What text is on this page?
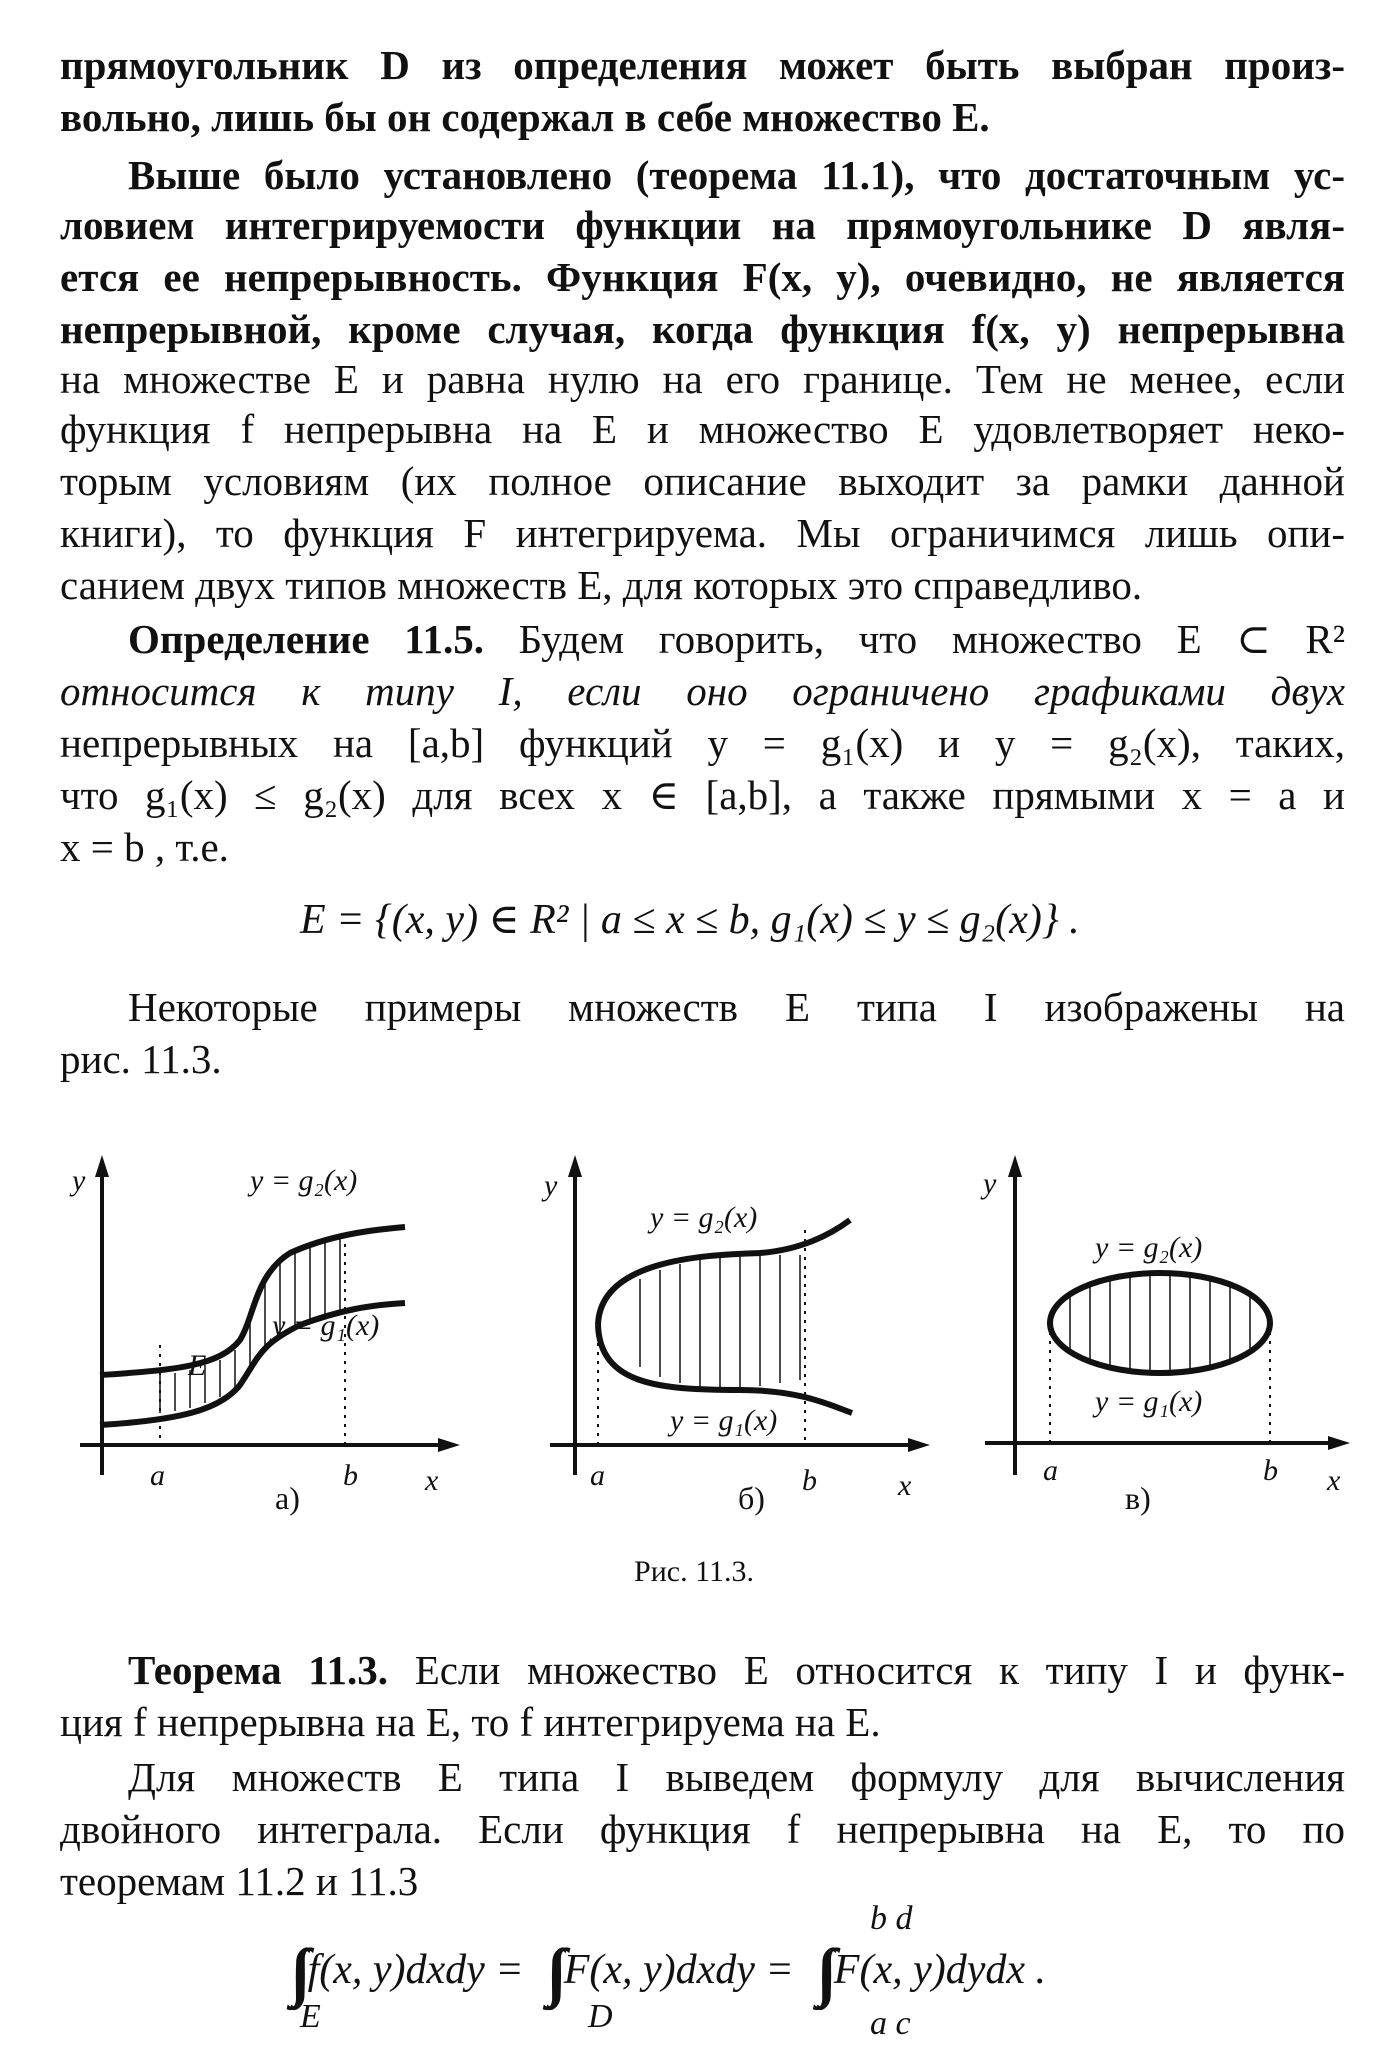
прямоугольник D из определения может быть выбран произ-
вольно, лишь бы он содержал в себе множество E.
Выше было установлено (теорема 11.1), что достаточным ус-
ловием интегрируемости функции на прямоугольнике D явля-
ется ее непрерывность. Функция F(x, y), очевидно, не является
непрерывной, кроме случая, когда функция f(x, y) непрерывна
на множестве E и равна нулю на его границе. Тем не менее, если
функция f непрерывна на E и множество E удовлетворяет неко-
торым условиям (их полное описание выходит за рамки данной
книги), то функция F интегрируема. Мы ограничимся лишь опи-
санием двух типов множеств E, для которых это справедливо.
Определение 11.5. Будем говорить, что множество E ⊂ R²
относится к типу I, если оно ограничено графиками двух
непрерывных на [a,b] функций y = g₁(x) и y = g₂(x), таких,
что g₁(x) ≤ g₂(x) для всех x ∈ [a,b], а также прямыми x = a и
x = b , т.е.
E = {(x, y) ∈ R² | a ≤ x ≤ b, g₁(x) ≤ y ≤ g₂(x)} .
Некоторые примеры множеств E типа I изображены на
рис. 11.3.
y
a	b x
y = g₂(x)
y = g₁(x)
E
y
a	b	x
y = g₂(x)
y = g₁(x)
y
a	b x
y = g₂(x)
y = g₁(x)
а)	б)	в)
Рис. 11.3.
Теорема 11.3. Если множество E относится к типу I и функ-
ция f непрерывна на E, то f интегрируема на E.
Для множеств E типа I выведем формулу для вычисления
двойного интеграла. Если функция f непрерывна на E, то по
теоремам 11.2 и 11.3
∫∫ f(x, y)dxdy = ∫∫ F(x, y)dxdy = ∫∫ F(x, y)dydx .
E	D
b d
a c
